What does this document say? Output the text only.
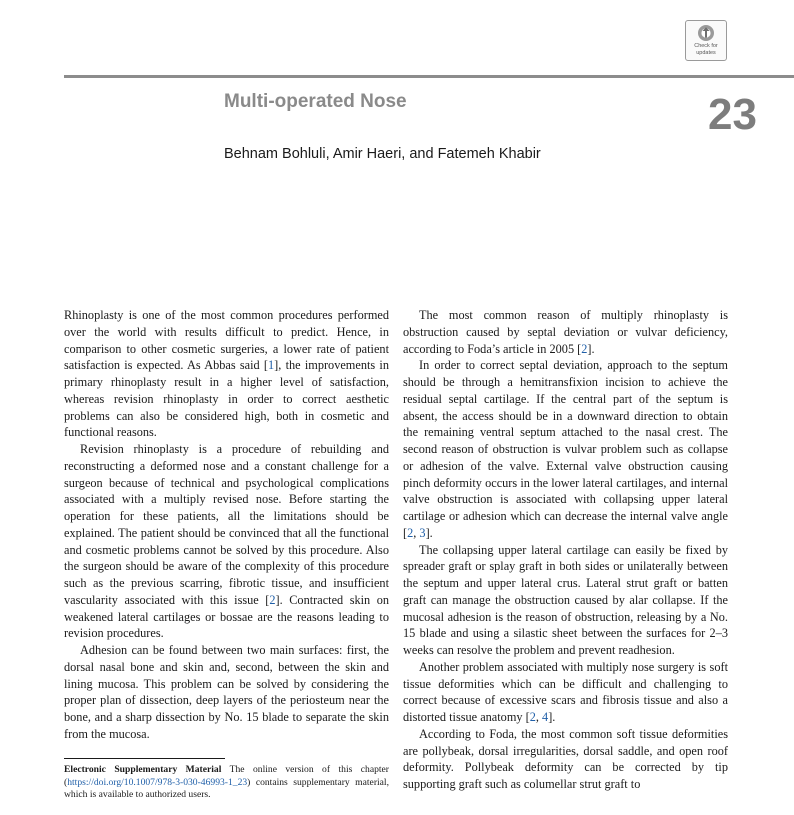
Check for
updates
Multi-operated Nose	23
Behnam Bohluli, Amir Haeri, and Fatemeh Khabir

Rhinoplasty is one of the most common procedures performed over the world with results difficult to predict. Hence, in comparison to other cosmetic surgeries, a lower rate of patient satisfaction is expected. As Abbas said [1], the improvements in primary rhinoplasty result in a higher level of satisfaction, whereas revision rhinoplasty in order to correct aesthetic problems can also be considered high, both in cosmetic and functional reasons.

Revision rhinoplasty is a procedure of rebuilding and reconstructing a deformed nose and a constant challenge for a surgeon because of technical and psychological complications associated with a multiply revised nose. Before starting the operation for these patients, all the limitations should be explained. The patient should be convinced that all the functional and cosmetic problems cannot be solved by this procedure. Also the surgeon should be aware of the complexity of this procedure such as the previous scarring, fibrotic tissue, and insufficient vascularity associated with this issue [2]. Contracted skin on weakened lateral cartilages or bossae are the reasons leading to revision procedures.

Adhesion can be found between two main surfaces: first, the dorsal nasal bone and skin and, second, between the skin and lining mucosa. This problem can be solved by considering the proper plan of dissection, deep layers of the periosteum near the bone, and a sharp dissection by No. 15 blade to separate the skin from the mucosa.

Electronic Supplementary Material The online version of this chapter (https://doi.org/10.1007/978-3-030-46993-1_23) contains supplementary material, which is available to authorized users.

The most common reason of multiply rhinoplasty is obstruction caused by septal deviation or vulvar deficiency, according to Foda’s article in 2005 [2].

In order to correct septal deviation, approach to the septum should be through a hemitransfixion incision to achieve the residual septal cartilage. If the central part of the septum is absent, the access should be in a downward direction to obtain the remaining ventral septum attached to the nasal crest. The second reason of obstruction is vulvar problem such as collapse or adhesion of the valve. External valve obstruction causing pinch deformity occurs in the lower lateral cartilages, and internal valve obstruction is associated with collapsing upper lateral cartilage or adhesion which can decrease the internal valve angle [2, 3].

The collapsing upper lateral cartilage can easily be fixed by spreader graft or splay graft in both sides or unilaterally between the septum and upper lateral crus. Lateral strut graft or batten graft can manage the obstruction caused by alar collapse. If the mucosal adhesion is the reason of obstruction, releasing by a No. 15 blade and using a silastic sheet between the surfaces for 2–3 weeks can resolve the problem and prevent readhesion.

Another problem associated with multiply nose surgery is soft tissue deformities which can be difficult and challenging to correct because of excessive scars and fibrosis tissue and also a distorted tissue anatomy [2, 4].

According to Foda, the most common soft tissue deformities are pollybeak, dorsal irregularities, dorsal saddle, and open roof deformity. Pollybeak deformity can be corrected by tip supporting graft such as columellar strut graft to
